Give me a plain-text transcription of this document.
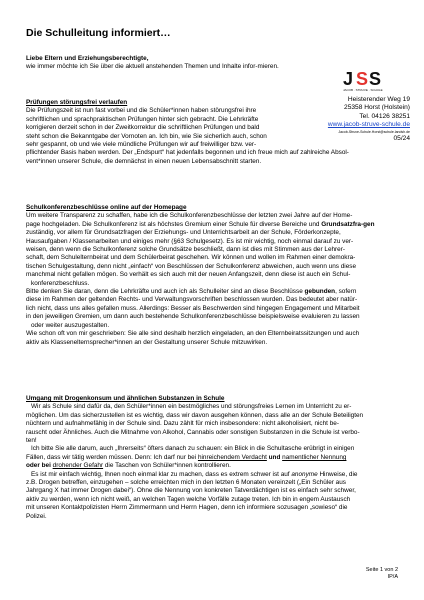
Die Schulleitung informiert…
Liebe Eltern und Erziehungsberechtigte,
wie immer möchte ich Sie über die aktuell anstehenden Themen und Inhalte infor-mieren.
Prüfungen störungsfrei verlaufen

Die Prüfungszeit ist nun fast vorbei und die Schüler*innen haben störungsfrei ihre

schriftlichen und sprachpraktischen Prüfungen hinter sich gebracht. Die Lehrkräfte

korrigieren derzeit schon in der Zweitkorrektur die schriftlichen Prüfungen und bald

steht schon die Bekanntgabe der Vornoten an. Ich bin, wie Sie sicherlich auch, schon

sehr gespannt, ob und wie viele mündliche Prüfungen wir auf freiwilliger bzw. ver-

pflichtender Basis haben werden. Der „Endspurt“ hat jedenfalls begonnen und ich freue mich auf zahlreiche Absol-

vent*innen unserer Schule, die demnächst in einen neuen Lebensabschnitt starten.

J S S
JACOB · STRUVE · SCHULE
Heisterender Weg 19
25358 Horst (Holstein)
Tel. 04126 38251
www.jacob-struve-schule.de
Jacob-Struve-Schule.Horst@schule.landsh.de
05/24
Schulkonferenzbeschlüsse online auf der Homepage

Um weitere Transparenz zu schaffen, habe ich die Schulkonferenzbeschlüsse der letzten zwei Jahre auf der Home-

page hochgeladen. Die Schulkonferenz ist als höchstes Gremium einer Schule für diverse Bereiche und Grundsatzfra-gen

zuständig, vor allem für Grundsatzfragen der Erziehungs- und Unterrichtsarbeit an der Schule, Förderkonzepte,

Hausaufgaben / Klassenarbeiten und einiges mehr (§63 Schulgesetz). Es ist mir wichtig, noch einmal darauf zu ver-

weisen, denn wenn die Schulkonferenz solche Grundsätze beschließt, dann ist dies mit Stimmen aus der Lehrer-

schaft, dem Schulelternbeirat und dem Schülerbeirat geschehen. Wir können und wollen im Rahmen einer demokra-

tischen Schulgestaltung, denn nicht „einfach“ von Beschlüssen der Schulkonferenz abweichen, auch wenn uns diese

manchmal nicht gefallen mögen. So verhält es sich auch mit der neuen Anfangszeit, denn diese ist auch ein Schul-

konferenzbeschluss.

Bitte denken Sie daran, denn die Lehrkräfte und auch ich als Schulleiter sind an diese Beschlüsse gebunden, sofern

diese im Rahmen der geltenden Rechts- und Verwaltungsvorschriften beschlossen wurden. Das bedeutet aber natür-

lich nicht, dass uns alles gefallen muss. Allerdings: Besser als Beschwerden sind hingegen Engagement und Mitarbeit

in den jeweiligen Gremien, um dann auch bestehende Schulkonferenzbeschlüsse beispielsweise evaluieren zu lassen

oder weiter auszugestalten.

Wie schon oft von mir geschrieben: Sie alle sind deshalb herzlich eingeladen, an den Elternbeiratssitzungen und auch

aktiv als Klassenelternsprecher*innen an der Gestaltung unserer Schule mitzuwirken.

Umgang mit Drogenkonsum und ähnlichen Substanzen in Schule

Wir als Schule sind dafür da, den Schüler*innen ein bestmögliches und störungsfreies Lernen im Unterricht zu er-

möglichen. Um das sicherzustellen ist es wichtig, dass wir davon ausgehen können, dass alle an der Schule Beteiligten

nüchtern und aufnahmefähig in der Schule sind. Dazu zählt für mich insbesondere: nicht alkoholisiert, nicht be-

rauscht oder Ähnliches. Auch die Mitnahme von Alkohol, Cannabis oder sonstigen Substanzen in die Schule ist verbo-

ten!

Ich bitte Sie alle darum, auch „Ihrerseits“ öfters danach zu schauen: ein Blick in die Schultasche erübrigt in einigen

Fällen, dass wir tätig werden müssen. Denn: Ich darf nur bei hinreichendem Verdacht und namentlicher Nennung

oder bei drohender Gefahr die Taschen von Schüler*innen kontrollieren.

Es ist mir einfach wichtig, Ihnen noch einmal klar zu machen, dass es extrem schwer ist auf anonyme Hinweise, die

z.B. Drogen betreffen, einzugehen – solche erreichten mich in den letzten 6 Monaten vereinzelt („Ein Schüler aus

Jahrgang X hat immer Drogen dabei“). Ohne die Nennung von konkreten Tatverdächtigen ist es einfach sehr schwer,

aktiv zu werden, wenn ich nicht weiß, an welchen Tagen welche Vorfälle zutage treten. Ich bin in engem Austausch

mit unseren Kontaktpolizisten Herrn Zimmermann und Herrn Hagen, denn ich informiere sozusagen „sowieso“ die

Polizei.

Seite 1 von 2
IP/A
